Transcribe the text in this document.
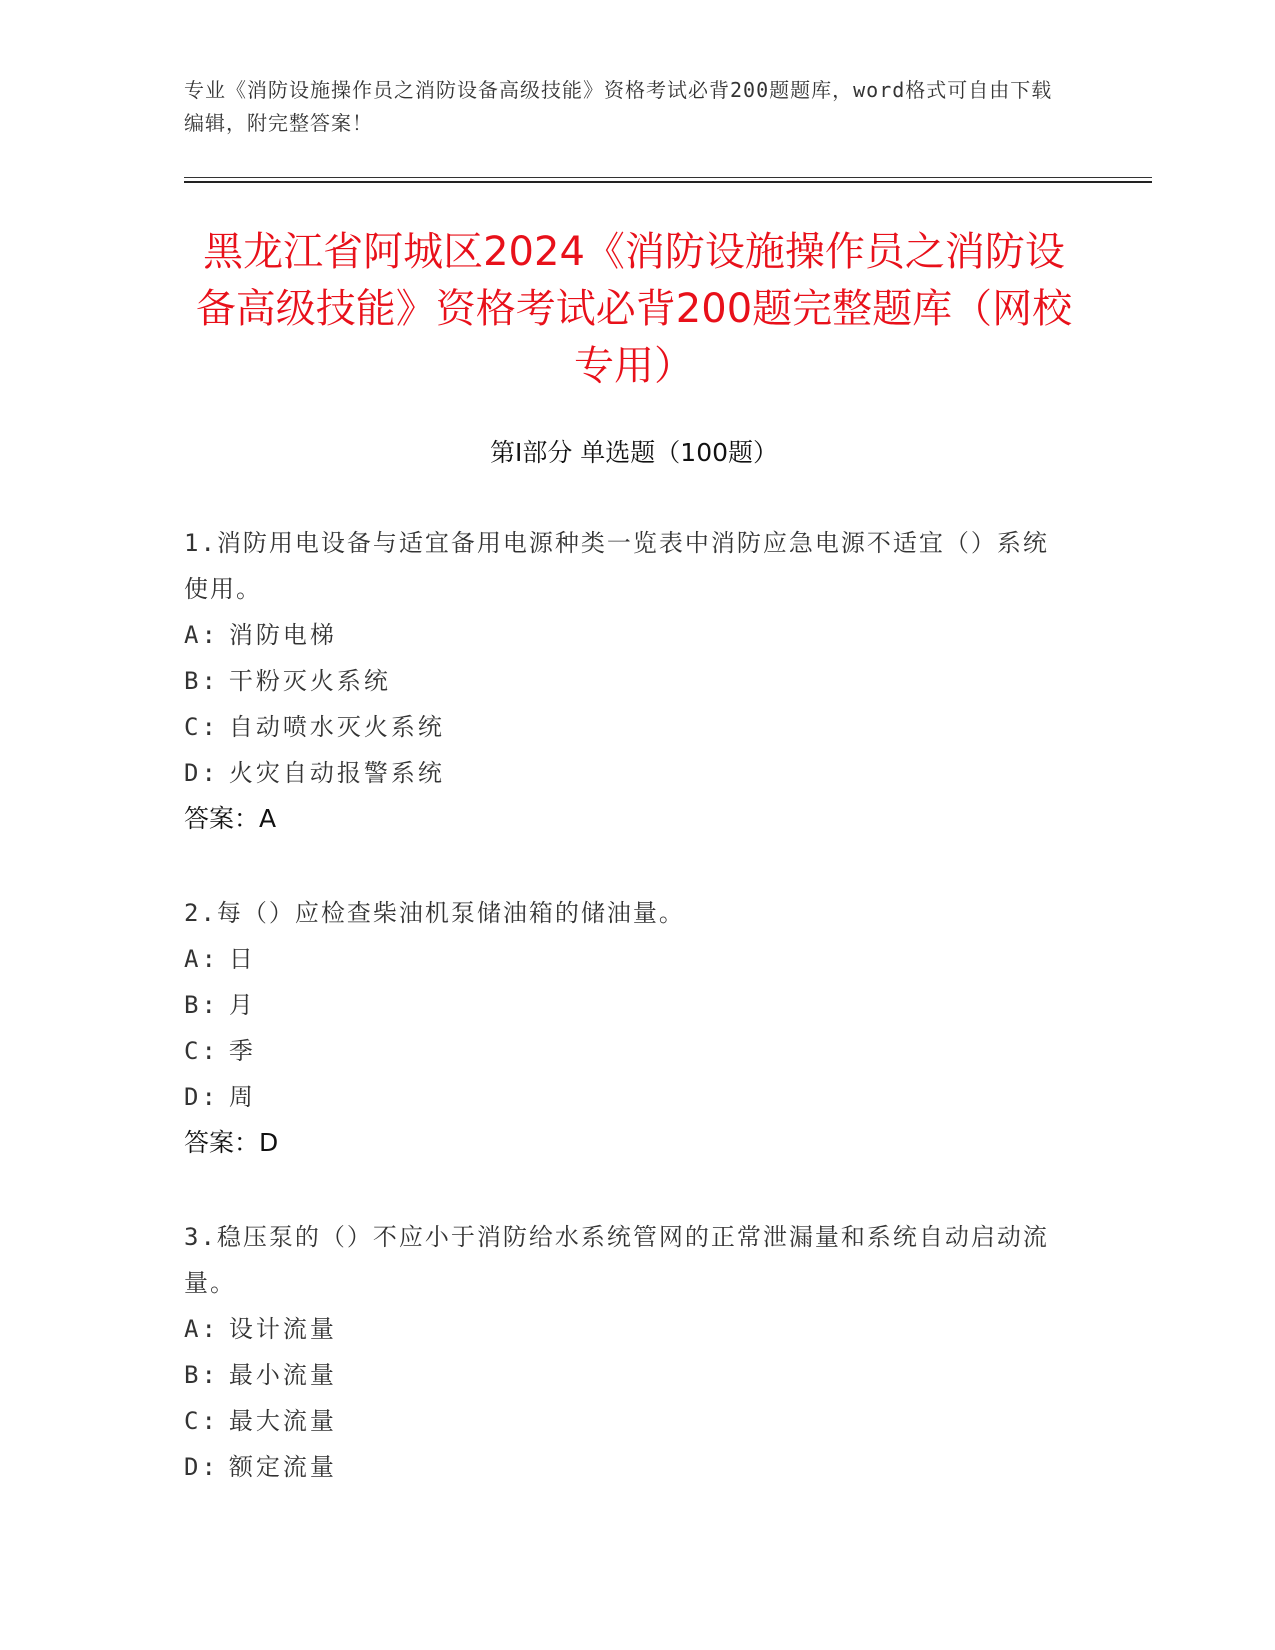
专业《消防设施操作员之消防设备高级技能》资格考试必背200题题库，word格式可自由下载编辑，附完整答案！
黑龙江省阿城区2024《消防设施操作员之消防设备高级技能》资格考试必背200题完整题库（网校专用）
第Ⅰ部分 单选题（100题）

1.消防用电设备与适宜备用电源种类一览表中消防应急电源不适宜（）系统使用。

A: 消防电梯

B: 干粉灭火系统

C: 自动喷水灭火系统

D: 火灾自动报警系统

答案：A

2.每（）应检查柴油机泵储油箱的储油量。

A: 日

B: 月

C: 季

D: 周

答案：D

3.稳压泵的（）不应小于消防给水系统管网的正常泄漏量和系统自动启动流量。

A: 设计流量

B: 最小流量

C: 最大流量

D: 额定流量
